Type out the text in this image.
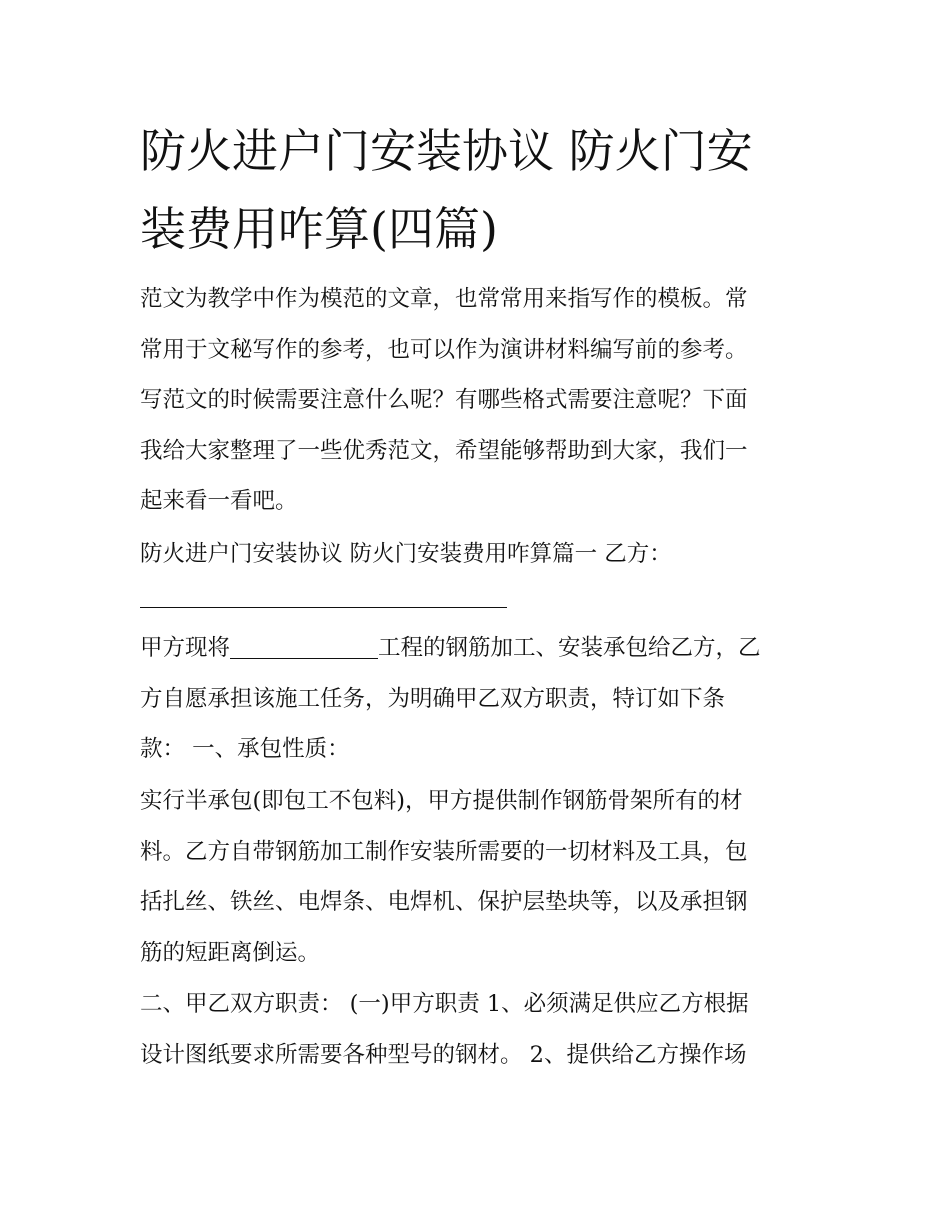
防火进户门安装协议 防火门安
装费用咋算(四篇)
范文为教学中作为模范的文章，也常常用来指写作的模板。常
常用于文秘写作的参考，也可以作为演讲材料编写前的参考。
写范文的时候需要注意什么呢？有哪些格式需要注意呢？下面
我给大家整理了一些优秀范文，希望能够帮助到大家，我们一
起来看一看吧。
防火进户门安装协议 防火门安装费用咋算篇一 乙方：
甲方现将	工程的钢筋加工、安装承包给乙方，乙
方自愿承担该施工任务，为明确甲乙双方职责，特订如下条
款： 一、承包性质：
实行半承包(即包工不包料)，甲方提供制作钢筋骨架所有的材
料。乙方自带钢筋加工制作安装所需要的一切材料及工具，包
括扎丝、铁丝、电焊条、电焊机、保护层垫块等，以及承担钢
筋的短距离倒运。
二、甲乙双方职责： (一)甲方职责 1、必须满足供应乙方根据
设计图纸要求所需要各种型号的钢材。 2、提供给乙方操作场
